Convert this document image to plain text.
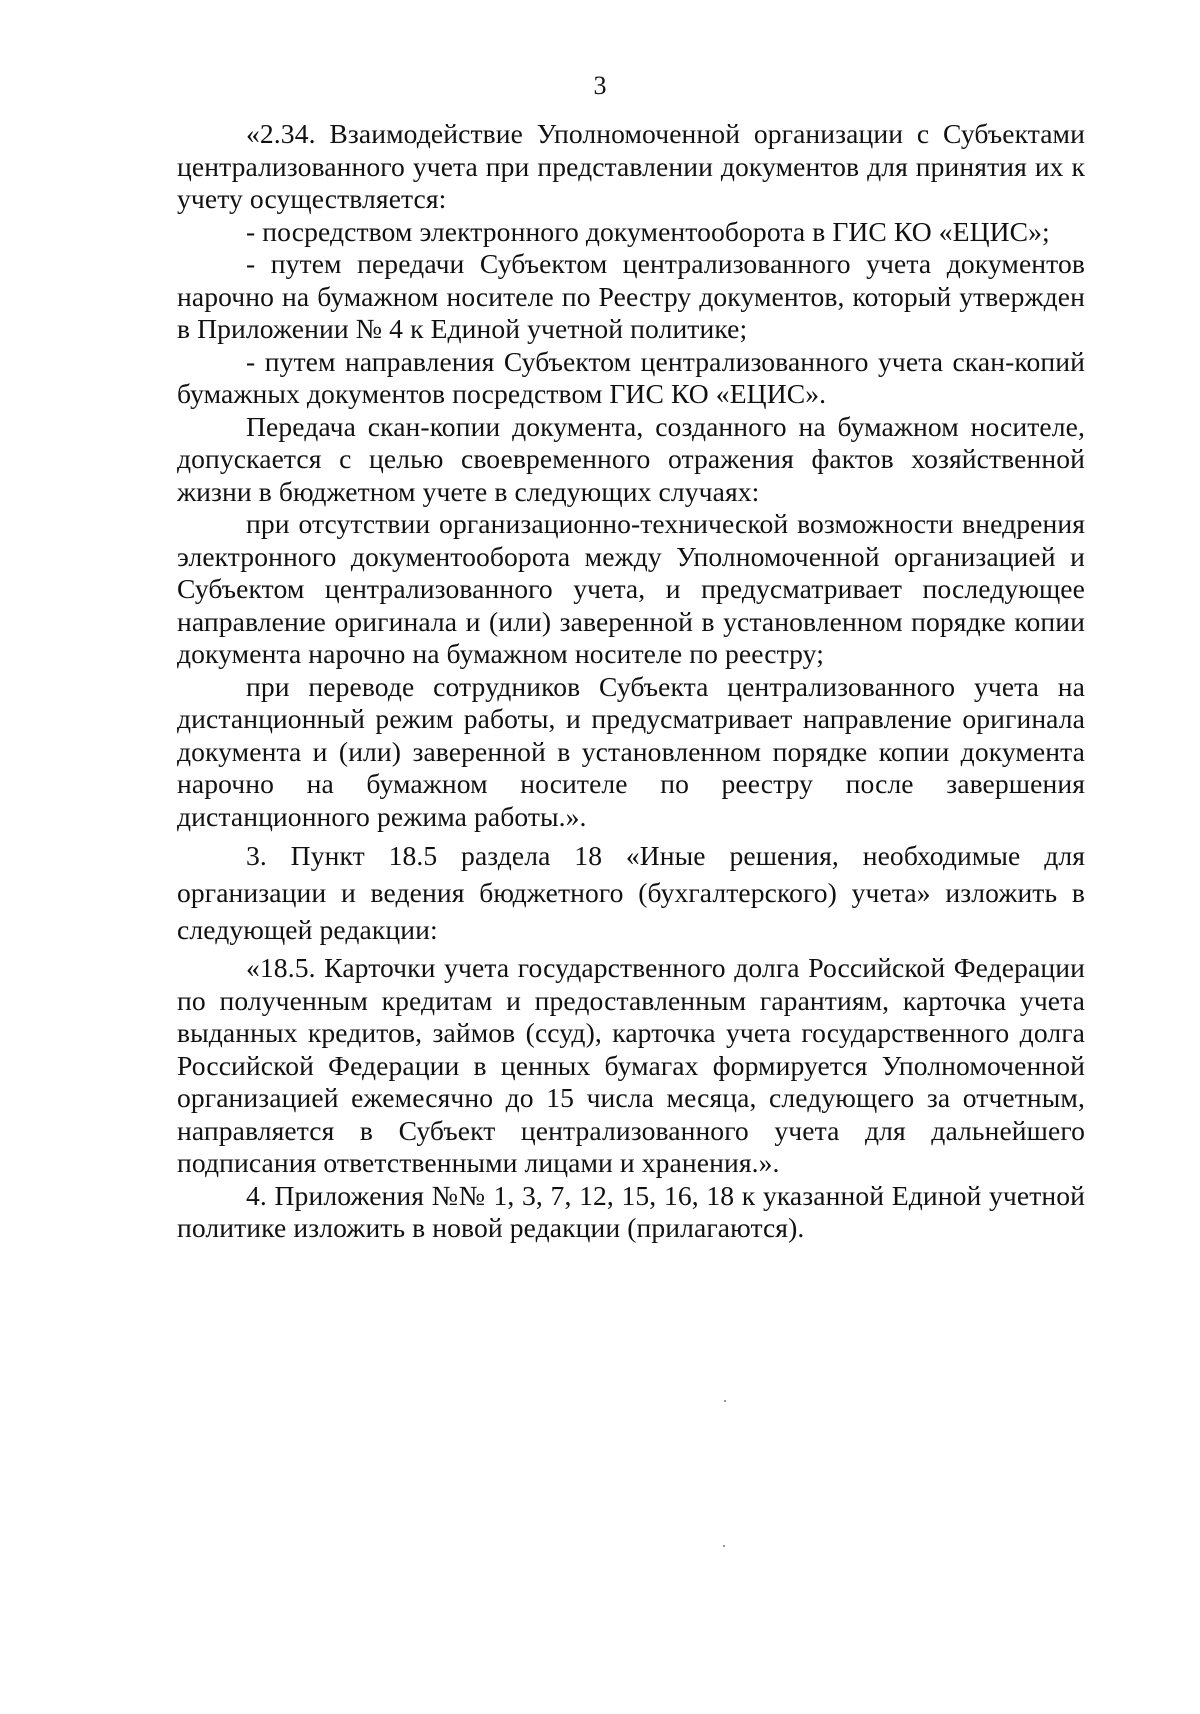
3

«2.34. Взаимодействие Уполномоченной организации с Субъектами централизованного учета при представлении документов для принятия их к учету осуществляется:

- посредством электронного документооборота в ГИС КО «ЕЦИС»;

- путем передачи Субъектом централизованного учета документов нарочно на бумажном носителе по Реестру документов, который утвержден в Приложении № 4 к Единой учетной политике;

- путем направления Субъектом централизованного учета скан-копий бумажных документов посредством ГИС КО «ЕЦИС».

Передача скан-копии документа, созданного на бумажном носителе, допускается с целью своевременного отражения фактов хозяйственной жизни в бюджетном учете в следующих случаях:

при отсутствии организационно-технической возможности внедрения электронного документооборота между Уполномоченной организацией и Субъектом централизованного учета, и предусматривает последующее направление оригинала и (или) заверенной в установленном порядке копии документа нарочно на бумажном носителе по реестру;

при переводе сотрудников Субъекта централизованного учета на дистанционный режим работы, и предусматривает направление оригинала документа и (или) заверенной в установленном порядке копии документа нарочно на бумажном носителе по реестру после завершения дистанционного режима работы.».

3. Пункт 18.5 раздела 18 «Иные решения, необходимые для организации и ведения бюджетного (бухгалтерского) учета» изложить в следующей редакции:

«18.5. Карточки учета государственного долга Российской Федерации по полученным кредитам и предоставленным гарантиям, карточка учета выданных кредитов, займов (ссуд), карточка учета государственного долга Российской Федерации в ценных бумагах формируется Уполномоченной организацией ежемесячно до 15 числа месяца, следующего за отчетным, направляется в Субъект централизованного учета для дальнейшего подписания ответственными лицами и хранения.».

4. Приложения №№ 1, 3, 7, 12, 15, 16, 18 к указанной Единой учетной политике изложить в новой редакции (прилагаются).
